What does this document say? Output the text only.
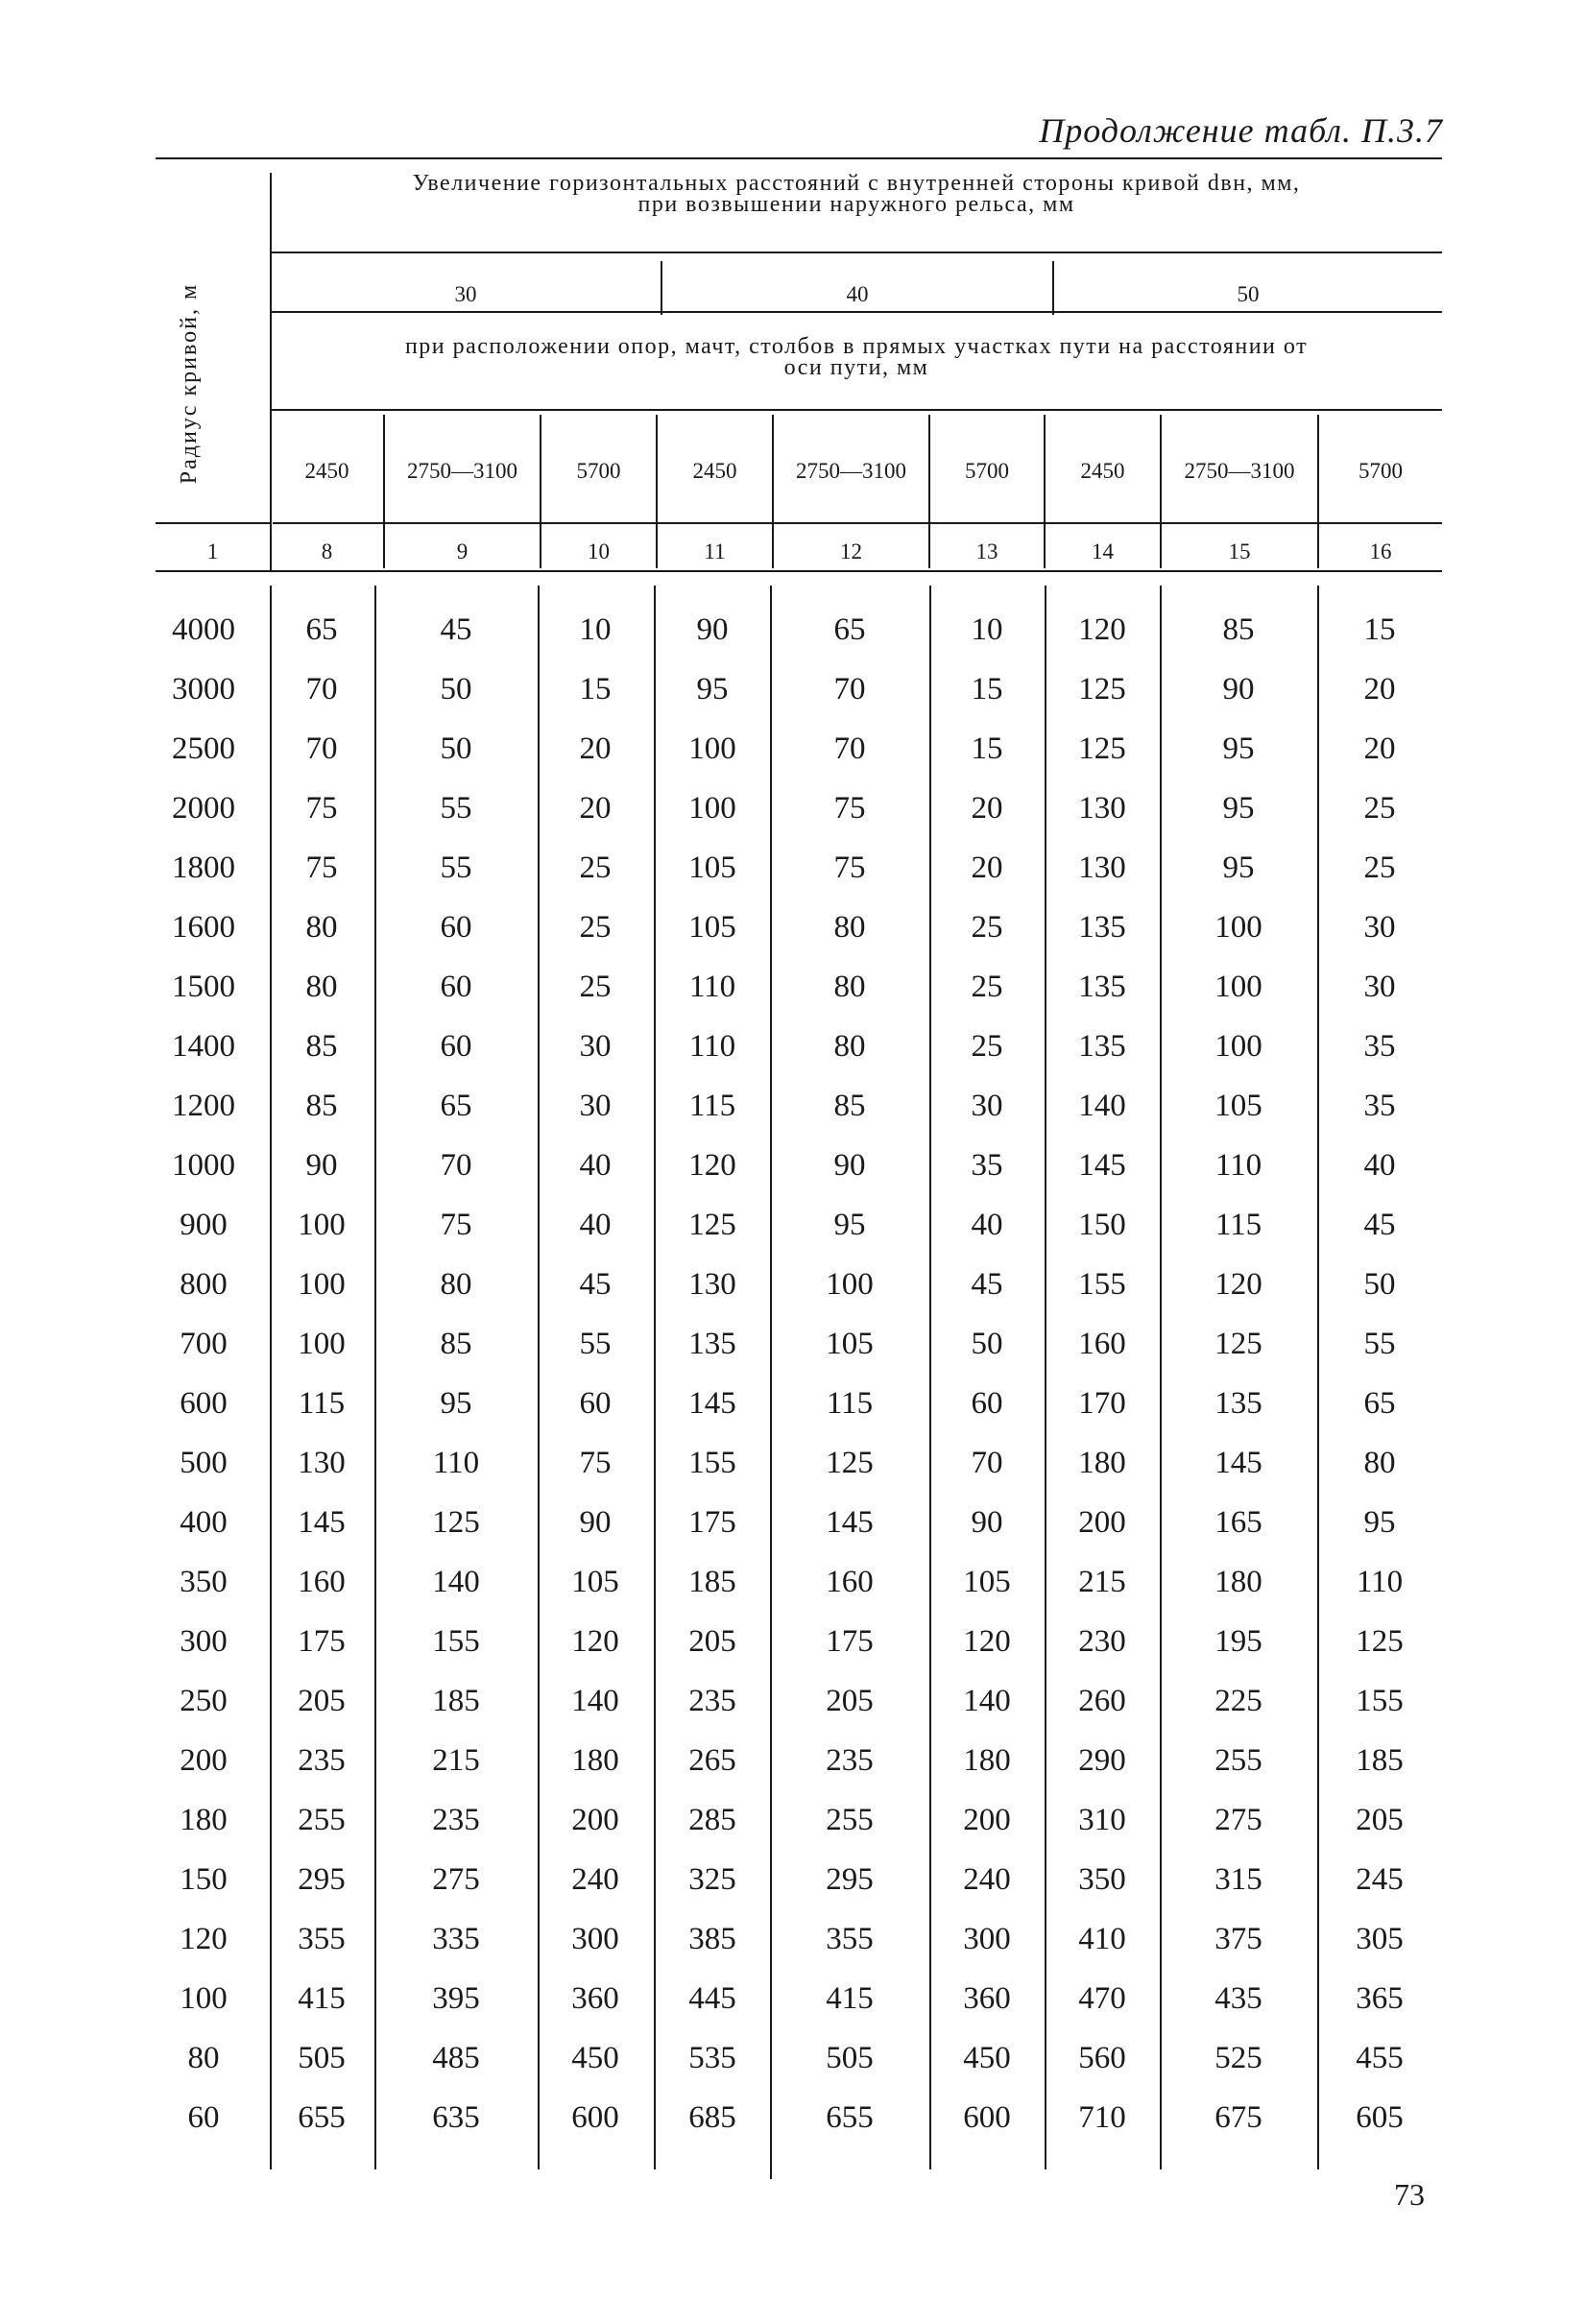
Продолжение табл. П.3.7
Радиус кривой, м
Увеличение горизонтальных расстояний с внутренней стороны кривой dвн, мм, при возвышении наружного рельса, мм
30	40	50
при расположении опор, мачт, столбов в прямых участках пути на расстоянии от оси пути, мм
2450	2750—3100	5700	2450	2750—3100	5700	2450	2750—3100	5700
1	8	9	10	11	12	13	14	15	16
4000	65	45	10	90	65	10	120	85	15
3000	70	50	15	95	70	15	125	90	20
2500	70	50	20	100	70	15	125	95	20
2000	75	55	20	100	75	20	130	95	25
1800	75	55	25	105	75	20	130	95	25
1600	80	60	25	105	80	25	135	100	30
1500	80	60	25	110	80	25	135	100	30
1400	85	60	30	110	80	25	135	100	35
1200	85	65	30	115	85	30	140	105	35
1000	90	70	40	120	90	35	145	110	40
900	100	75	40	125	95	40	150	115	45
800	100	80	45	130	100	45	155	120	50
700	100	85	55	135	105	50	160	125	55
600	115	95	60	145	115	60	170	135	65
500	130	110	75	155	125	70	180	145	80
400	145	125	90	175	145	90	200	165	95
350	160	140	105	185	160	105	215	180	110
300	175	155	120	205	175	120	230	195	125
250	205	185	140	235	205	140	260	225	155
200	235	215	180	265	235	180	290	255	185
180	255	235	200	285	255	200	310	275	205
150	295	275	240	325	295	240	350	315	245
120	355	335	300	385	355	300	410	375	305
100	415	395	360	445	415	360	470	435	365
80	505	485	450	535	505	450	560	525	455
60	655	635	600	685	655	600	710	675	605
73
